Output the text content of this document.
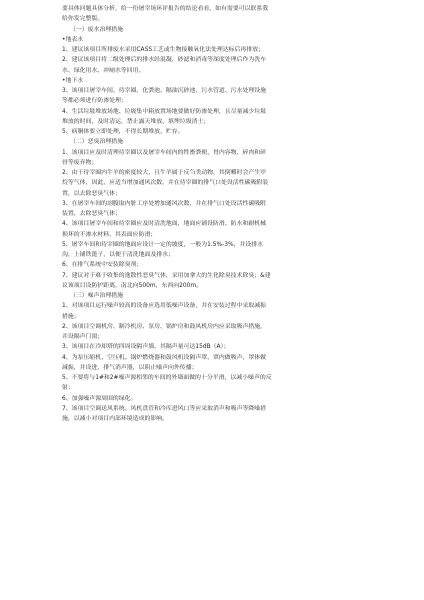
要具体问题具体分析，给一份屠宰场环评报告的结论看看，如有需要可以联系我
给你发完整版。
（一）废水治理措施
•地表水
1、建议该项目所排废水采用CASS工艺或生物接触氧化法处理达标后再排放；
2、建议该项目将二级处理后的排水经混凝、砂滤和消毒等深度处理后作为洗车
水、绿化用水、冲厕水等回用。
•地下水
3、该项目屠宰车间、待宰圈、化粪池、隔油沉砂池、污水管道、污水处理设施
等都必须进行防渗处理；
4、生活垃圾堆放场地、垃圾集中箱放置场地要做好防渗处理，且尽量减少垃圾
堆放的时间，及时清运，禁止露天堆放、填埋垃圾渣土；
5、病胴体要立即处理，不得长期堆放、贮存。
（二）恶臭治理措施
1、该项目应及时清理待宰圈以及屠宰车间内的牲畜粪便、胃内容物、碎肉和碎
骨等废弃物；
2、由于待宰圈内牛羊的密度较大，且牛羊属于反刍类动物，其倒嚼时会产生甲
烷等气体，因此，应适当增加通风次数，并在待宰圈的排气口处设活性碳吸附装
置，以去除恶臭气体；
3、在屠宰车间的剖腹取内脏工序处增加通风次数，并在排气口处设活性碳吸附
装置，去除恶臭气体；
4、该项目屠宰车间和待宰圈应及时清洗地面，地面应铺设防滑、防水和耐机械
损坏的不渗水材料，其表面应防滑；
5、屠宰车间和待宰圈的地面应设计一定的坡度，一般为1.5%-3%，并设排水
沟，上铺铁篦子，以便于清洗地面及排水；
6、在排气系统中安装除臭剂；
7、建议对于难于收集的逸散性恶臭气体，采用加拿大的生化除臭技术除臭；&建
议该项目设防护距离，南北向500m，东西向200m。
（三）噪声治理措施
1、对该项目运行噪声较高的设备应选用低噪声设备，并在安装过程中采取减振
措施；
2、该项目空调机房、制冷机房、泵房、锅炉房和鼓风机房内应采取吸声措施，
并设隔声门窗；
3、该项目在冷却塔的四周设隔声墙，其隔声量可达15dB（A）；
4、为泵压缩机、空压机、锅炉燃烧器和鼓风机设隔声罩，罩内做吸声，罩体做
减振，并设进、排气消声器，以阻止噪声向外传播；
5、不要将与1#和2#噪声源相邻的车间的外墙面做的十分平滑，以减小噪声的反
射；
6、加强噪声源周围的绿化。
7、该项目空调送风系统、风机盘管和冷库进风口等应采取消声和吸声等降噪措
施，以减小对项目内部环境造成的影响。
